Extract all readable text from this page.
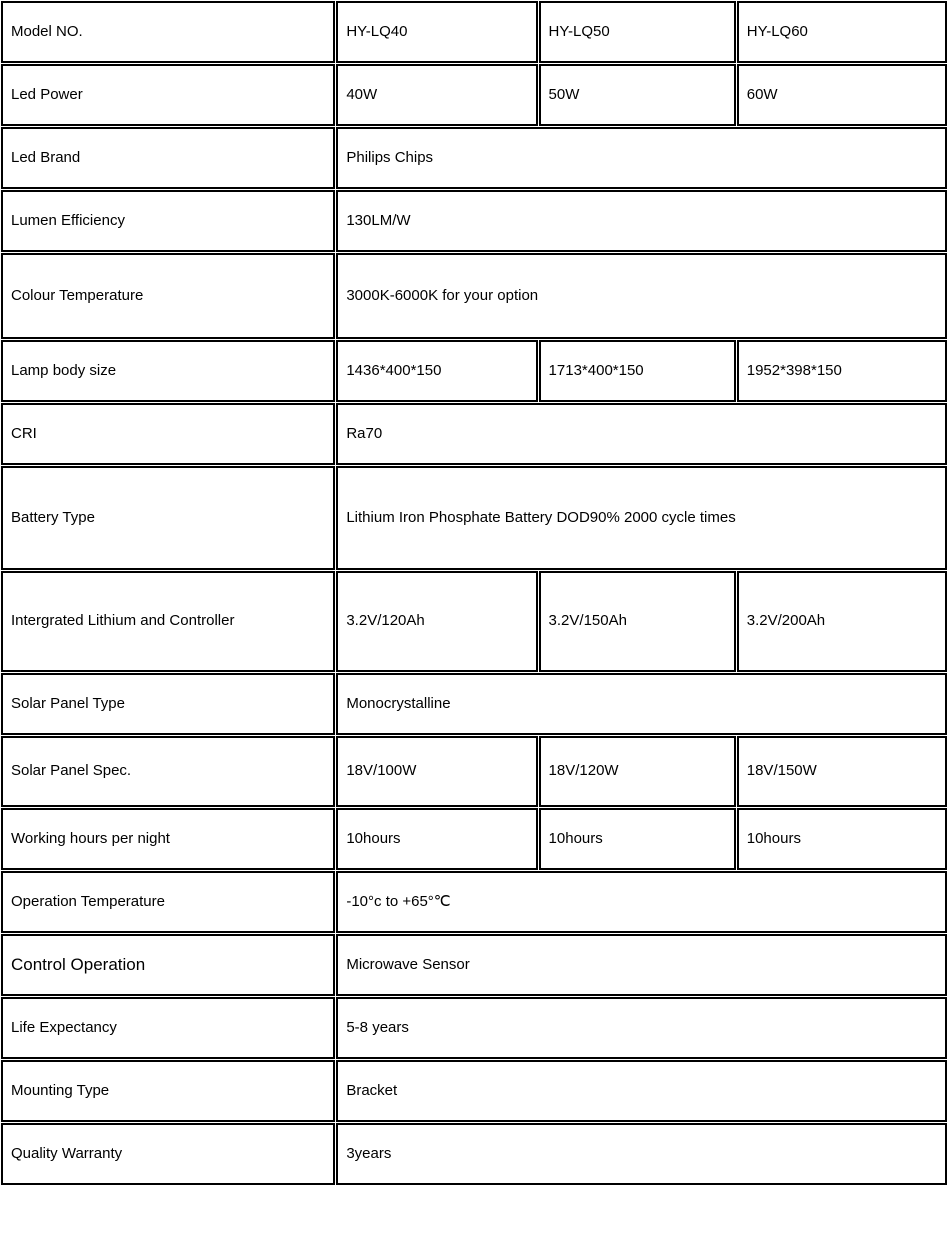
Model NO.	HY-LQ40	HY-LQ50	HY-LQ60
Led Power	40W	50W	60W
Led Brand	Philips Chips		
Lumen Efficiency	130LM/W		
Colour Temperature	3000K-6000K for your option		
Lamp body size	1436*400*150	1713*400*150	1952*398*150
CRI	Ra70		
Battery Type	Lithium Iron Phosphate Battery DOD90% 2000 cycle times		
Intergrated Lithium and Controller	3.2V/120Ah	3.2V/150Ah	3.2V/200Ah
Solar Panel Type	Monocrystalline		
Solar Panel Spec.	18V/100W	18V/120W	18V/150W
Working hours per night	10hours	10hours	10hours
Operation Temperature	-10°c to +65°℃		
Control Operation	Microwave Sensor		
Life Expectancy	5-8 years		
Mounting Type	Bracket		
Quality Warranty	3years		
